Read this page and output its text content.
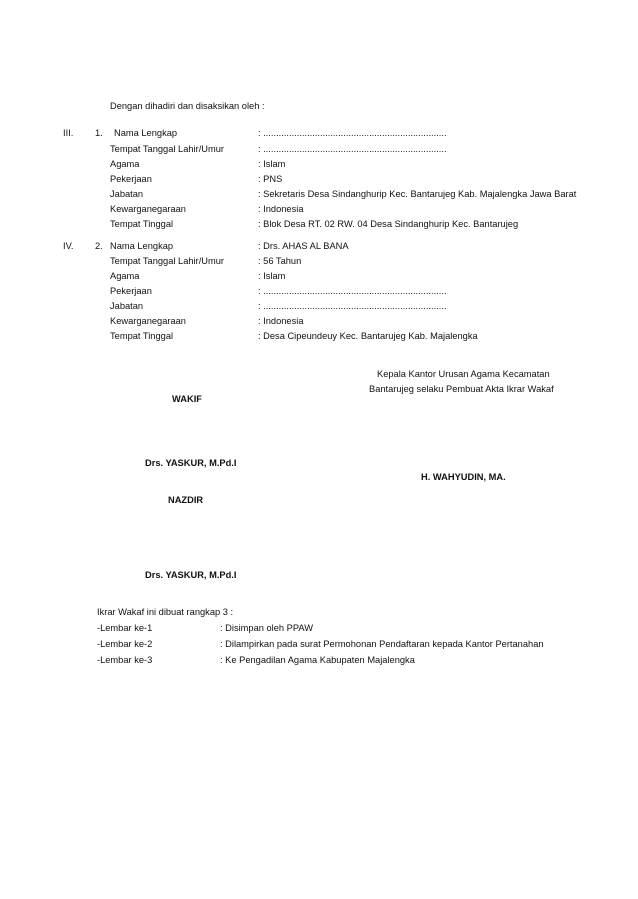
Dengan dihadiri dan disaksikan oleh :
III. 1. Nama Lengkap	: .......................................................................
Tempat Tanggal Lahir/Umur	: .......................................................................
Agama	: Islam
Pekerjaan	: PNS
Jabatan	: Sekretaris Desa Sindanghurip Kec. Bantarujeg Kab. Majalengka Jawa Barat
Kewarganegaraan	: Indonesia
Tempat Tinggal	: Blok Desa RT. 02 RW. 04 Desa Sindanghurip Kec. Bantarujeg
IV. 2. Nama Lengkap	: Drs. AHAS AL BANA
Tempat Tanggal Lahir/Umur	: 56 Tahun
Agama	: Islam
Pekerjaan	: .......................................................................
Jabatan	: .......................................................................
Kewarganegaraan	: Indonesia
Tempat Tinggal	: Desa Cipeundeuy Kec. Bantarujeg Kab. Majalengka
Kepala Kantor Urusan Agama Kecamatan
Bantarujeg selaku Pembuat Akta Ikrar Wakaf
WAKIF
Drs. YASKUR, M.Pd.I
H. WAHYUDIN, MA.
NAZDIR
Drs. YASKUR, M.Pd.I
Ikrar Wakaf ini dibuat rangkap 3 :
-Lembar ke-1	: Disimpan oleh PPAW
-Lembar ke-2	: Dilampirkan pada surat Permohonan Pendaftaran kepada Kantor Pertanahan
-Lembar ke-3	: Ke Pengadilan Agama Kabupaten Majalengka
